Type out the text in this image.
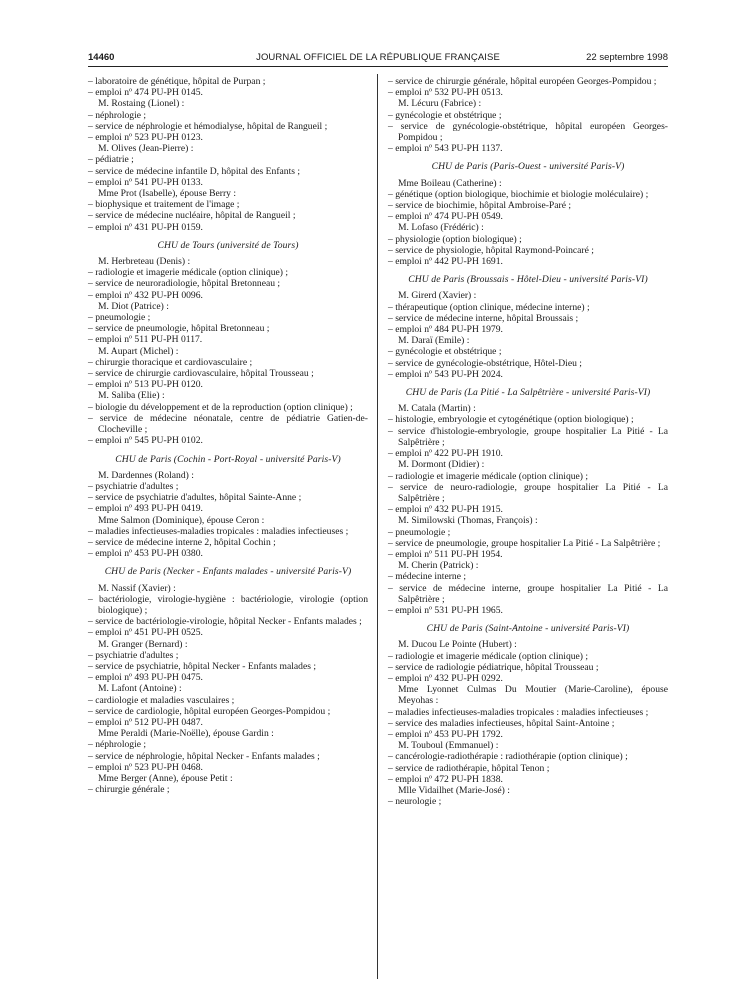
14460	JOURNAL OFFICIEL DE LA RÉPUBLIQUE FRANÇAISE	22 septembre 1998
– laboratoire de génétique, hôpital de Purpan ;
– emploi nº 474 PU-PH 0145.
M. Rostaing (Lionel) :
– néphrologie ;
– service de néphrologie et hémodialyse, hôpital de Rangueil ;
– emploi nº 523 PU-PH 0123.
M. Olives (Jean-Pierre) :
– pédiatrie ;
– service de médecine infantile D, hôpital des Enfants ;
– emploi nº 541 PU-PH 0133.
Mme Prot (Isabelle), épouse Berry :
– biophysique et traitement de l'image ;
– service de médecine nucléaire, hôpital de Rangueil ;
– emploi nº 431 PU-PH 0159.
CHU de Tours (université de Tours)
M. Herbreteau (Denis) :
– radiologie et imagerie médicale (option clinique) ;
– service de neuroradiologie, hôpital Bretonneau ;
– emploi nº 432 PU-PH 0096.
M. Diot (Patrice) :
– pneumologie ;
– service de pneumologie, hôpital Bretonneau ;
– emploi nº 511 PU-PH 0117.
M. Aupart (Michel) :
– chirurgie thoracique et cardiovasculaire ;
– service de chirurgie cardiovasculaire, hôpital Trousseau ;
– emploi nº 513 PU-PH 0120.
M. Saliba (Elie) :
– biologie du développement et de la reproduction (option clinique) ;
– service de médecine néonatale, centre de pédiatrie Gatien-de-Clocheville ;
– emploi nº 545 PU-PH 0102.
CHU de Paris (Cochin - Port-Royal - université Paris-V)
M. Dardennes (Roland) :
– psychiatrie d'adultes ;
– service de psychiatrie d'adultes, hôpital Sainte-Anne ;
– emploi nº 493 PU-PH 0419.
Mme Salmon (Dominique), épouse Ceron :
– maladies infectieuses-maladies tropicales : maladies infectieuses ;
– service de médecine interne 2, hôpital Cochin ;
– emploi nº 453 PU-PH 0380.
CHU de Paris (Necker - Enfants malades - université Paris-V)
M. Nassif (Xavier) :
– bactériologie, virologie-hygiène : bactériologie, virologie (option biologique) ;
– service de bactériologie-virologie, hôpital Necker - Enfants malades ;
– emploi nº 451 PU-PH 0525.
M. Granger (Bernard) :
– psychiatrie d'adultes ;
– service de psychiatrie, hôpital Necker - Enfants malades ;
– emploi nº 493 PU-PH 0475.
M. Lafont (Antoine) :
– cardiologie et maladies vasculaires ;
– service de cardiologie, hôpital européen Georges-Pompidou ;
– emploi nº 512 PU-PH 0487.
Mme Peraldi (Marie-Noëlle), épouse Gardin :
– néphrologie ;
– service de néphrologie, hôpital Necker - Enfants malades ;
– emploi nº 523 PU-PH 0468.
Mme Berger (Anne), épouse Petit :
– chirurgie générale ;
– service de chirurgie générale, hôpital européen Georges-Pompidou ;
– emploi nº 532 PU-PH 0513.
M. Lécuru (Fabrice) :
– gynécologie et obstétrique ;
– service de gynécologie-obstétrique, hôpital européen Georges-Pompidou ;
– emploi nº 543 PU-PH 1137.
CHU de Paris (Paris-Ouest - université Paris-V)
Mme Boileau (Catherine) :
– génétique (option biologique, biochimie et biologie moléculaire) ;
– service de biochimie, hôpital Ambroise-Paré ;
– emploi nº 474 PU-PH 0549.
M. Lofaso (Frédéric) :
– physiologie (option biologique) ;
– service de physiologie, hôpital Raymond-Poincaré ;
– emploi nº 442 PU-PH 1691.
CHU de Paris (Broussais - Hôtel-Dieu - université Paris-VI)
M. Girerd (Xavier) :
– thérapeutique (option clinique, médecine interne) ;
– service de médecine interne, hôpital Broussais ;
– emploi nº 484 PU-PH 1979.
M. Daraï (Emile) :
– gynécologie et obstétrique ;
– service de gynécologie-obstétrique, Hôtel-Dieu ;
– emploi nº 543 PU-PH 2024.
CHU de Paris (La Pitié - La Salpêtrière - université Paris-VI)
M. Catala (Martin) :
– histologie, embryologie et cytogénétique (option biologique) ;
– service d'histologie-embryologie, groupe hospitalier La Pitié - La Salpêtrière ;
– emploi nº 422 PU-PH 1910.
M. Dormont (Didier) :
– radiologie et imagerie médicale (option clinique) ;
– service de neuro-radiologie, groupe hospitalier La Pitié - La Salpêtrière ;
– emploi nº 432 PU-PH 1915.
M. Similowski (Thomas, François) :
– pneumologie ;
– service de pneumologie, groupe hospitalier La Pitié - La Salpêtrière ;
– emploi nº 511 PU-PH 1954.
M. Cherin (Patrick) :
– médecine interne ;
– service de médecine interne, groupe hospitalier La Pitié - La Salpêtrière ;
– emploi nº 531 PU-PH 1965.
CHU de Paris (Saint-Antoine - université Paris-VI)
M. Ducou Le Pointe (Hubert) :
– radiologie et imagerie médicale (option clinique) ;
– service de radiologie pédiatrique, hôpital Trousseau ;
– emploi nº 432 PU-PH 0292.
Mme Lyonnet Culmas Du Moutier (Marie-Caroline), épouse Meyohas :
– maladies infectieuses-maladies tropicales : maladies infectieuses ;
– service des maladies infectieuses, hôpital Saint-Antoine ;
– emploi nº 453 PU-PH 1792.
M. Touboul (Emmanuel) :
– cancérologie-radiothérapie : radiothérapie (option clinique) ;
– service de radiothérapie, hôpital Tenon ;
– emploi nº 472 PU-PH 1838.
Mlle Vidailhet (Marie-José) :
– neurologie ;
